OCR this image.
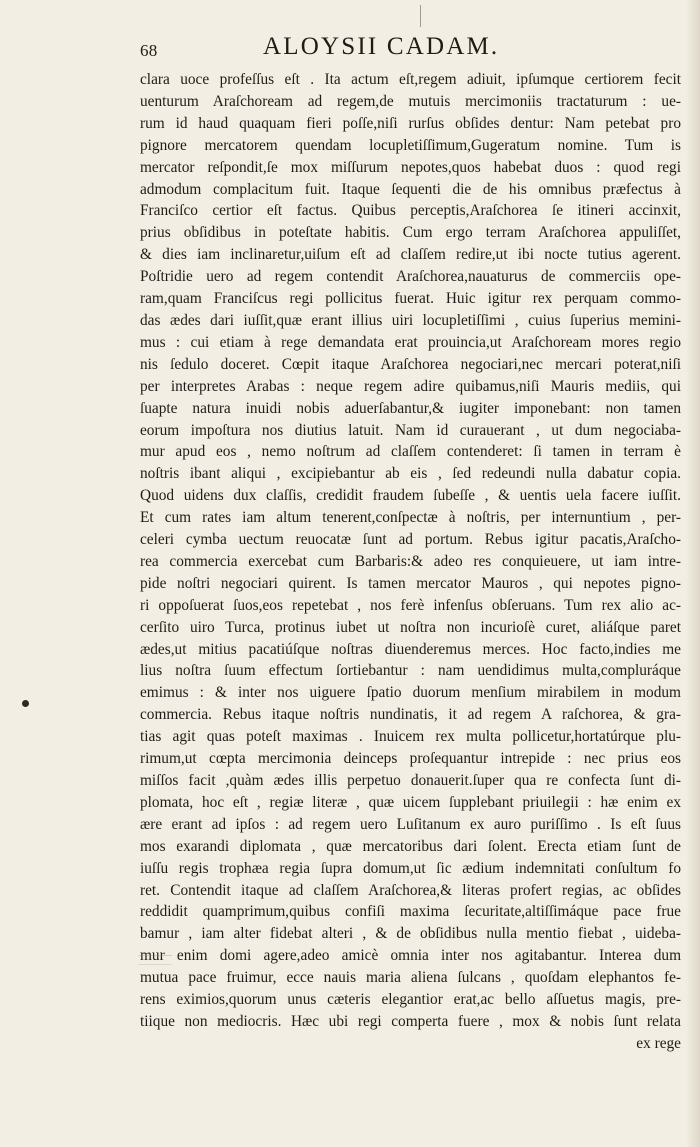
68	ALOYSII CADAM.
clara uoce profeſſus eſt . Ita actum eſt,regem adiuit, ipſumque certiorem fecit
uenturum Araſchoream ad regem,de mutuis mercimoniis tractaturum : ue-
rum id haud quaquam fieri poſſe,niſi rurſus obſides dentur: Nam petebat pro
pignore mercatorem quendam locupletiſſimum,Gugeratum nomine. Tum is
mercator reſpondit,ſe mox miſſurum nepotes,quos habebat duos : quod regi
admodum complacitum fuit. Itaque ſequenti die de his omnibus præfectus à
Franciſco certior eſt factus. Quibus perceptis,Araſchorea ſe itineri accinxit,
prius obſidibus in poteſtate habitis. Cum ergo terram Araſchorea appuliſſet,
& dies iam inclinaretur,uiſum eſt ad claſſem redire,ut ibi nocte tutius agerent.
Poſtridie uero ad regem contendit Araſchorea,nauaturus de commerciis ope-
ram,quam Franciſcus regi pollicitus fuerat. Huic igitur rex perquam commo-
das ædes dari iuſſit,quæ erant illius uiri locupletiſſimi , cuius ſuperius memini-
mus : cui etiam à rege demandata erat prouincia,ut Araſchoream mores regio
nis ſedulo doceret. Cœpit itaque Araſchorea negociari,nec mercari poterat,niſi
per interpretes Arabas : neque regem adire quibamus,niſi Mauris mediis, qui
ſuapte natura inuidi nobis aduerſabantur,& iugiter imponebant: non tamen
eorum impoſtura nos diutius latuit. Nam id curauerant , ut dum negociaba-
mur apud eos , nemo noſtrum ad claſſem contenderet: ſi tamen in terram è
noſtris ibant aliqui , excipiebantur ab eis , ſed redeundi nulla dabatur copia.
Quod uidens dux claſſis, credidit fraudem ſubeſſe , & uentis uela facere iuſſit.
Et cum rates iam altum tenerent,conſpectæ à noſtris, per internuntium , per-
celeri cymba uectum reuocatæ ſunt ad portum. Rebus igitur pacatis,Araſcho-
rea commercia exercebat cum Barbaris:& adeo res conquieuere, ut iam intre-
pide noſtri negociari quirent. Is tamen mercator Mauros , qui nepotes pigno-
ri oppoſuerat ſuos,eos repetebat , nos ferè infenſus obſeruans. Tum rex alio ac-
cerſito uiro Turca, protinus iubet ut noſtra non incurioſè curet, aliáſque paret
ædes,ut mitius pacatiúſque noſtras diuenderemus merces. Hoc facto,indies me
lius noſtra ſuum effectum ſortiebantur : nam uendidimus multa,compluráque
emimus : & inter nos uiguere ſpatio duorum menſium mirabilem in modum
commercia. Rebus itaque noſtris nundinatis, it ad regem A raſchorea, & gra-
tias agit quas poteſt maximas . Inuicem rex multa pollicetur,hortatúrque plu-
rimum,ut cœpta mercimonia deinceps proſequantur intrepide : nec prius eos
miſſos facit ,quàm ædes illis perpetuo donauerit.ſuper qua re confecta ſunt di-
plomata, hoc eſt , regiæ literæ , quæ uicem ſupplebant priuilegii : hæ enim ex
ære erant ad ipſos : ad regem uero Luſitanum ex auro puriſſimo . Is eſt ſuus
mos exarandi diplomata , quæ mercatoribus dari ſolent. Erecta etiam ſunt de
iuſſu regis trophæa regia ſupra domum,ut ſic ædium indemnitati conſultum fo
ret. Contendit itaque ad claſſem Araſchorea,& literas profert regias, ac obſides
reddidit quamprimum,quibus confiſi maxima ſecuritate,altiſſimáque pace frue
bamur , iam alter fidebat alteri , & de obſidibus nulla mentio fiebat , uideba-
mur enim domi agere,adeo amicè omnia inter nos agitabantur. Interea dum
mutua pace fruimur, ecce nauis maria aliena ſulcans , quoſdam elephantos fe-
rens eximios,quorum unus cæteris elegantior erat,ac bello aſſuetus magis, pre-
tiique non mediocris. Hæc ubi regi comperta fuere , mox & nobis ſunt relata
ex rege
